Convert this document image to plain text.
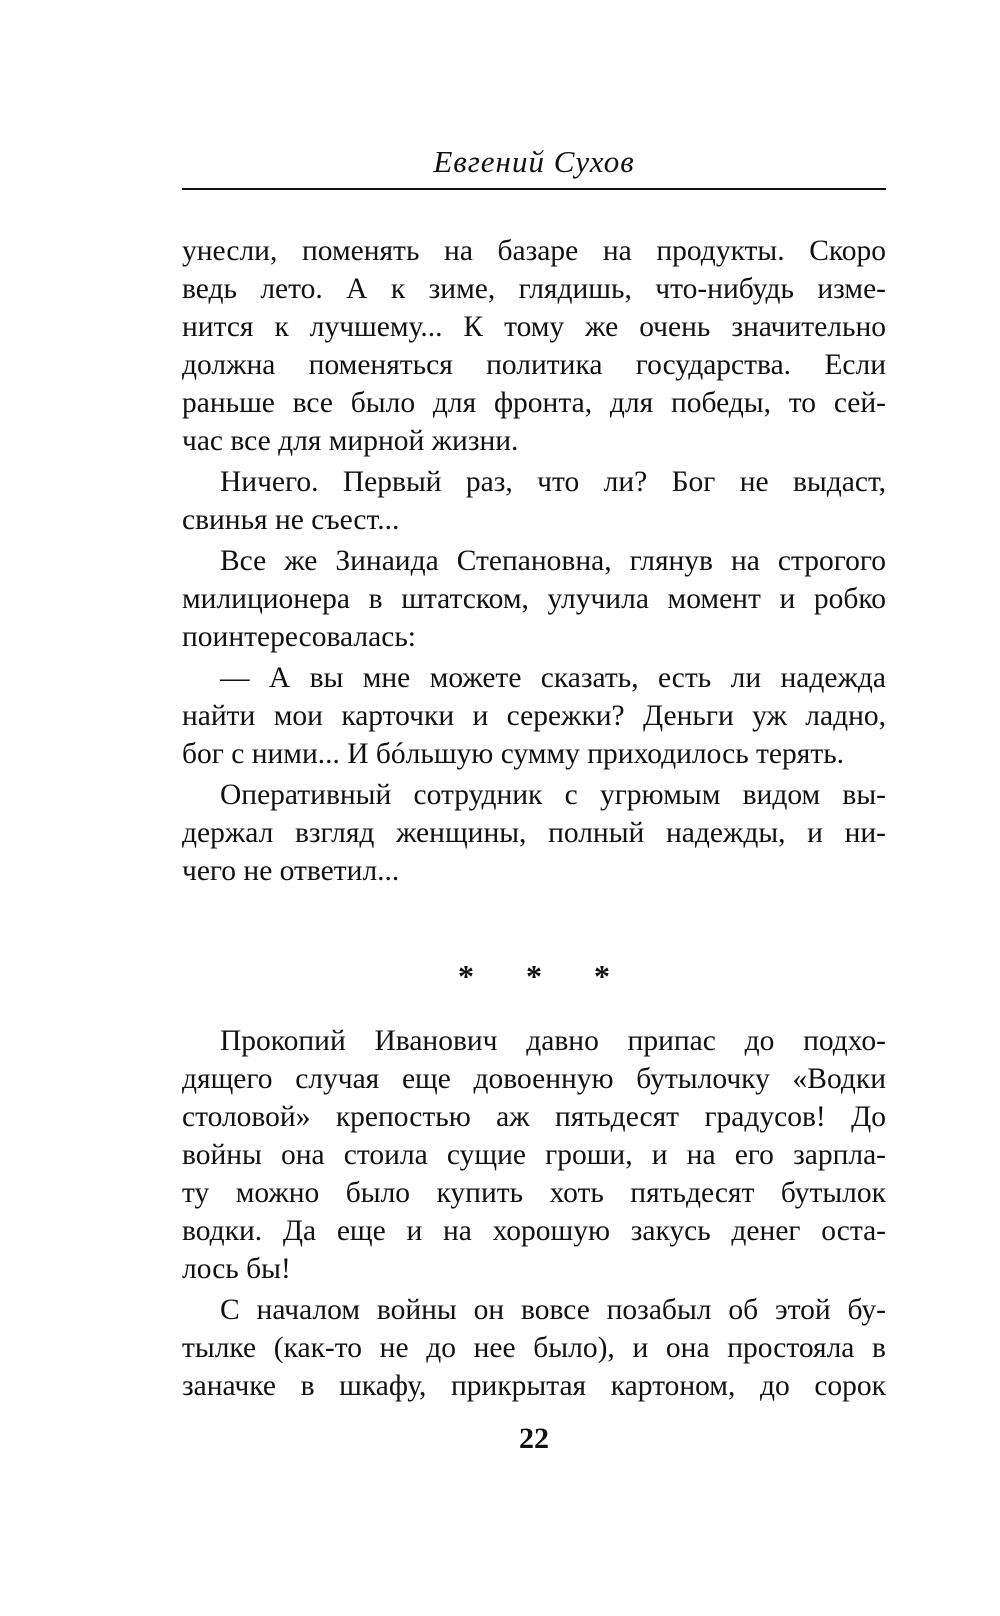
Евгений Сухов
унесли, поменять на базаре на продукты. Скоро
ведь лето. А к зиме, глядишь, что-нибудь изме-
нится к лучшему... К тому же очень значительно
должна поменяться политика государства. Если
раньше все было для фронта, для победы, то сей-
час все для мирной жизни.
Ничего. Первый раз, что ли? Бог не выдаст,
свинья не съест...
Все же Зинаида Степановна, глянув на строгого
милиционера в штатском, улучила момент и робко
поинтересовалась:
— А вы мне можете сказать, есть ли надежда
найти мои карточки и сережки? Деньги уж ладно,
бог с ними... И бóльшую сумму приходилось терять.
Оперативный сотрудник с угрюмым видом вы-
держал взгляд женщины, полный надежды, и ни-
чего не ответил...
* * *
Прокопий Иванович давно припас до подхо-
дящего случая еще довоенную бутылочку «Водки
столовой» крепостью аж пятьдесят градусов! До
войны она стоила сущие гроши, и на его зарпла-
ту можно было купить хоть пятьдесят бутылок
водки. Да еще и на хорошую закусь денег оста-
лось бы!
С началом войны он вовсе позабыл об этой бу-
тылке (как-то не до нее было), и она простояла в
заначке в шкафу, прикрытая картоном, до сорок
22
